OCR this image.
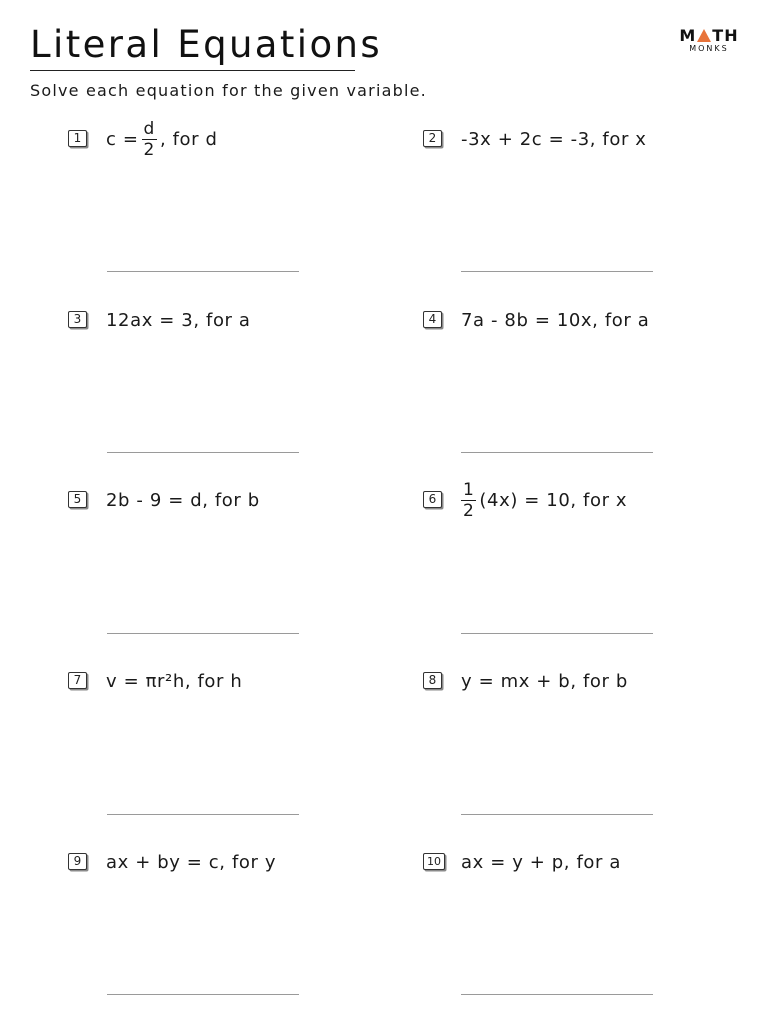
Literal Equations	M TH
MONKS
Solve each equation for the given variable.
1	$c = \frac{d}{2}$ , for d	2	-3x + 2c = -3, for x
3	12ax = 3, for a	4	7a - 8b = 10x, for a
5	2b - 9 = d, for b	6	$\frac{1}{2} (4x) = 10$, for x
7	v = πr²h, for h	8	y = mx + b, for b
9	ax + by = c, for y	10 ax = y + p, for a
